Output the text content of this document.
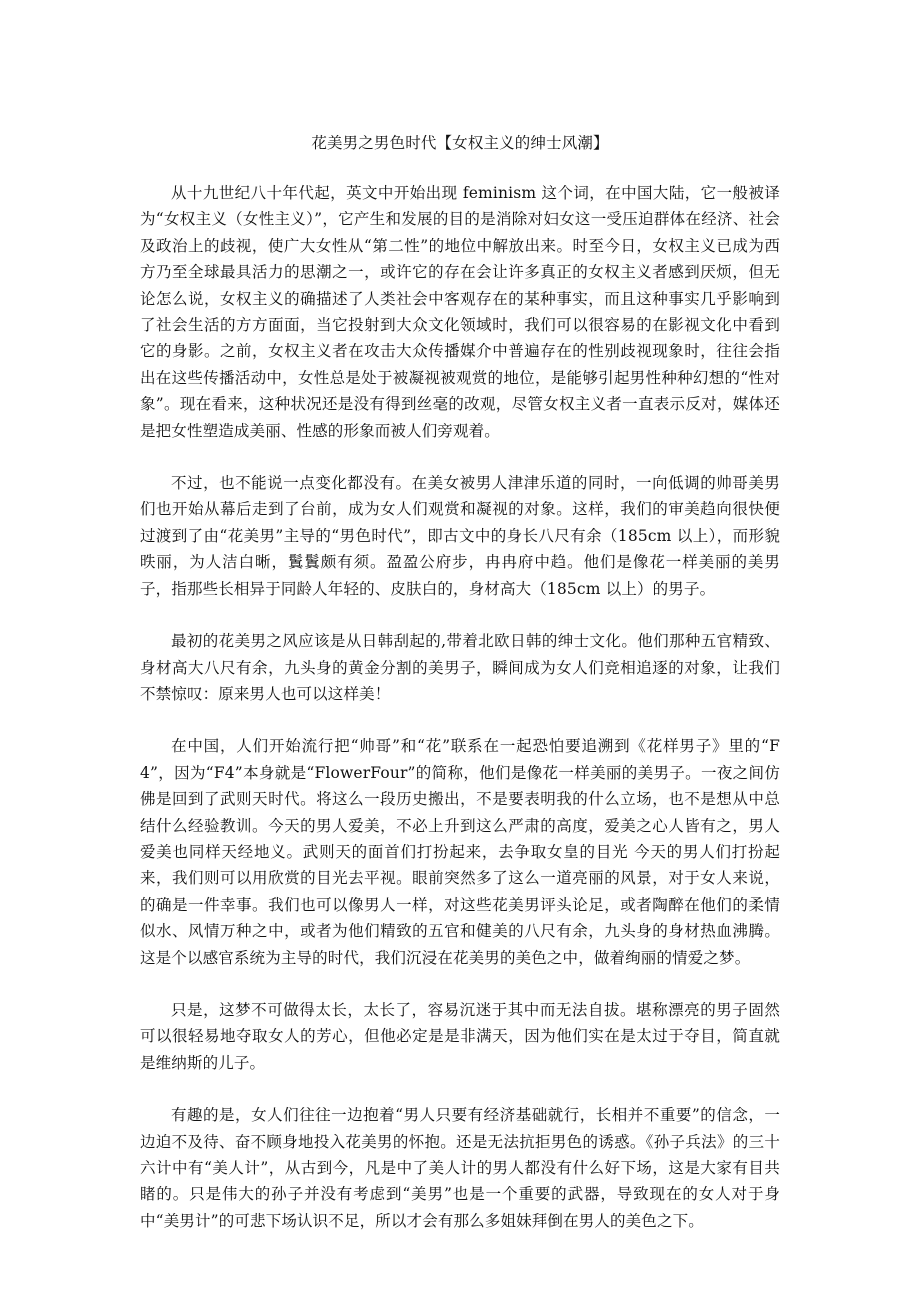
花美男之男色时代【女权主义的绅士风潮】

从十九世纪八十年代起，英文中开始出现 feminism 这个词，在中国大陆，它一般被译为“女权主义（女性主义）”，它产生和发展的目的是消除对妇女这一受压迫群体在经济、社会及政治上的歧视，使广大女性从“第二性”的地位中解放出来。时至今日，女权主义已成为西方乃至全球最具活力的思潮之一，或许它的存在会让许多真正的女权主义者感到厌烦，但无论怎么说，女权主义的确描述了人类社会中客观存在的某种事实，而且这种事实几乎影响到了社会生活的方方面面，当它投射到大众文化领域时，我们可以很容易的在影视文化中看到它的身影。之前，女权主义者在攻击大众传播媒介中普遍存在的性别歧视现象时，往往会指出在这些传播活动中，女性总是处于被凝视被观赏的地位，是能够引起男性种种幻想的“性对象”。现在看来，这种状况还是没有得到丝毫的改观，尽管女权主义者一直表示反对，媒体还是把女性塑造成美丽、性感的形象而被人们旁观着。

不过，也不能说一点变化都没有。在美女被男人津津乐道的同时，一向低调的帅哥美男们也开始从幕后走到了台前，成为女人们观赏和凝视的对象。这样，我们的审美趋向很快便过渡到了由“花美男”主导的“男色时代”，即古文中的身长八尺有余（185cm 以上），而形貌昳丽，为人洁白晰，鬒鬒颇有须。盈盈公府步，冉冉府中趋。他们是像花一样美丽的美男子，指那些长相异于同龄人年轻的、皮肤白的，身材高大（185cm 以上）的男子。

最初的花美男之风应该是从日韩刮起的,带着北欧日韩的绅士文化。他们那种五官精致、身材高大八尺有余，九头身的黄金分割的美男子，瞬间成为女人们竞相追逐的对象，让我们不禁惊叹：原来男人也可以这样美！

在中国，人们开始流行把“帅哥”和“花”联系在一起恐怕要追溯到《花样男子》里的“F4”，因为“F4”本身就是“FlowerFour”的简称，他们是像花一样美丽的美男子。一夜之间仿佛是回到了武则天时代。将这么一段历史搬出，不是要表明我的什么立场，也不是想从中总结什么经验教训。今天的男人爱美，不必上升到这么严肃的高度，爱美之心人皆有之，男人爱美也同样天经地义。武则天的面首们打扮起来，去争取女皇的目光 今天的男人们打扮起来，我们则可以用欣赏的目光去平视。眼前突然多了这么一道亮丽的风景，对于女人来说，的确是一件幸事。我们也可以像男人一样，对这些花美男评头论足，或者陶醉在他们的柔情似水、风情万种之中，或者为他们精致的五官和健美的八尺有余，九头身的身材热血沸腾。这是个以感官系统为主导的时代，我们沉浸在花美男的美色之中，做着绚丽的情爱之梦。

只是，这梦不可做得太长，太长了，容易沉迷于其中而无法自拔。堪称漂亮的男子固然可以很轻易地夺取女人的芳心，但他必定是是非满天，因为他们实在是太过于夺目，简直就是维纳斯的儿子。

有趣的是，女人们往往一边抱着“男人只要有经济基础就行，长相并不重要”的信念，一边迫不及待、奋不顾身地投入花美男的怀抱。还是无法抗拒男色的诱惑。《孙子兵法》的三十六计中有“美人计”，从古到今，凡是中了美人计的男人都没有什么好下场，这是大家有目共睹的。只是伟大的孙子并没有考虑到“美男”也是一个重要的武器，导致现在的女人对于身中“美男计”的可悲下场认识不足，所以才会有那么多姐妹拜倒在男人的美色之下。
